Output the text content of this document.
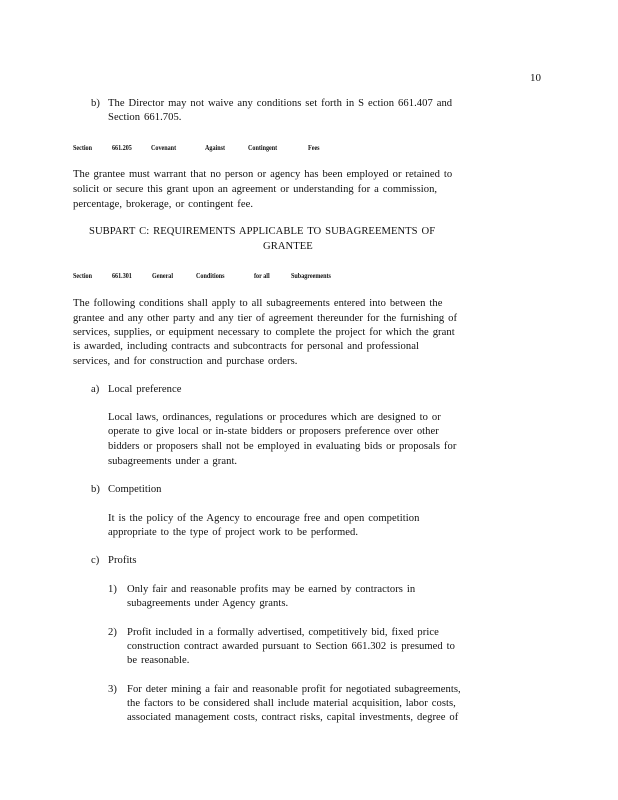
10
b) The Director may not waive any conditions set forth in S ection 661.407 and
Section 661.705.
Section	661.205	Covenant	Against	Contingent	Fees
The grantee must warrant that no person or agency has been employed or retained to
solicit or secure this grant upon an agreement or understanding for a commission,
percentage, brokerage, or contingent fee.
SUBPART C: REQUIREMENTS APPLICABLE TO SUBAGREEMENTS OF
GRANTEE
Section	661.301	General	Conditions	for all	Subagreements
The following conditions shall apply to all subagreements entered into between the
grantee and any other party and any tier of agreement thereunder for the furnishing of
services, supplies, or equipment necessary to complete the project for which the grant
is awarded, including contracts and subcontracts for personal and professional
services, and for construction and purchase orders.
a) Local preference
Local laws, ordinances, regulations or procedures which are designed to or
operate to give local or in-state bidders or proposers preference over other
bidders or proposers shall not be employed in evaluating bids or proposals for
subagreements under a grant.
b) Competition
It is the policy of the Agency to encourage free and open competition
appropriate to the type of project work to be performed.
c) Profits
1) Only fair and reasonable profits may be earned by contractors in
subagreements under Agency grants.
2) Profit included in a formally advertised, competitively bid, fixed price
construction contract awarded pursuant to Section 661.302 is presumed to
be reasonable.
3) For deter mining a fair and reasonable profit for negotiated subagreements,
the factors to be considered shall include material acquisition, labor costs,
associated management costs, contract risks, capital investments, degree of
